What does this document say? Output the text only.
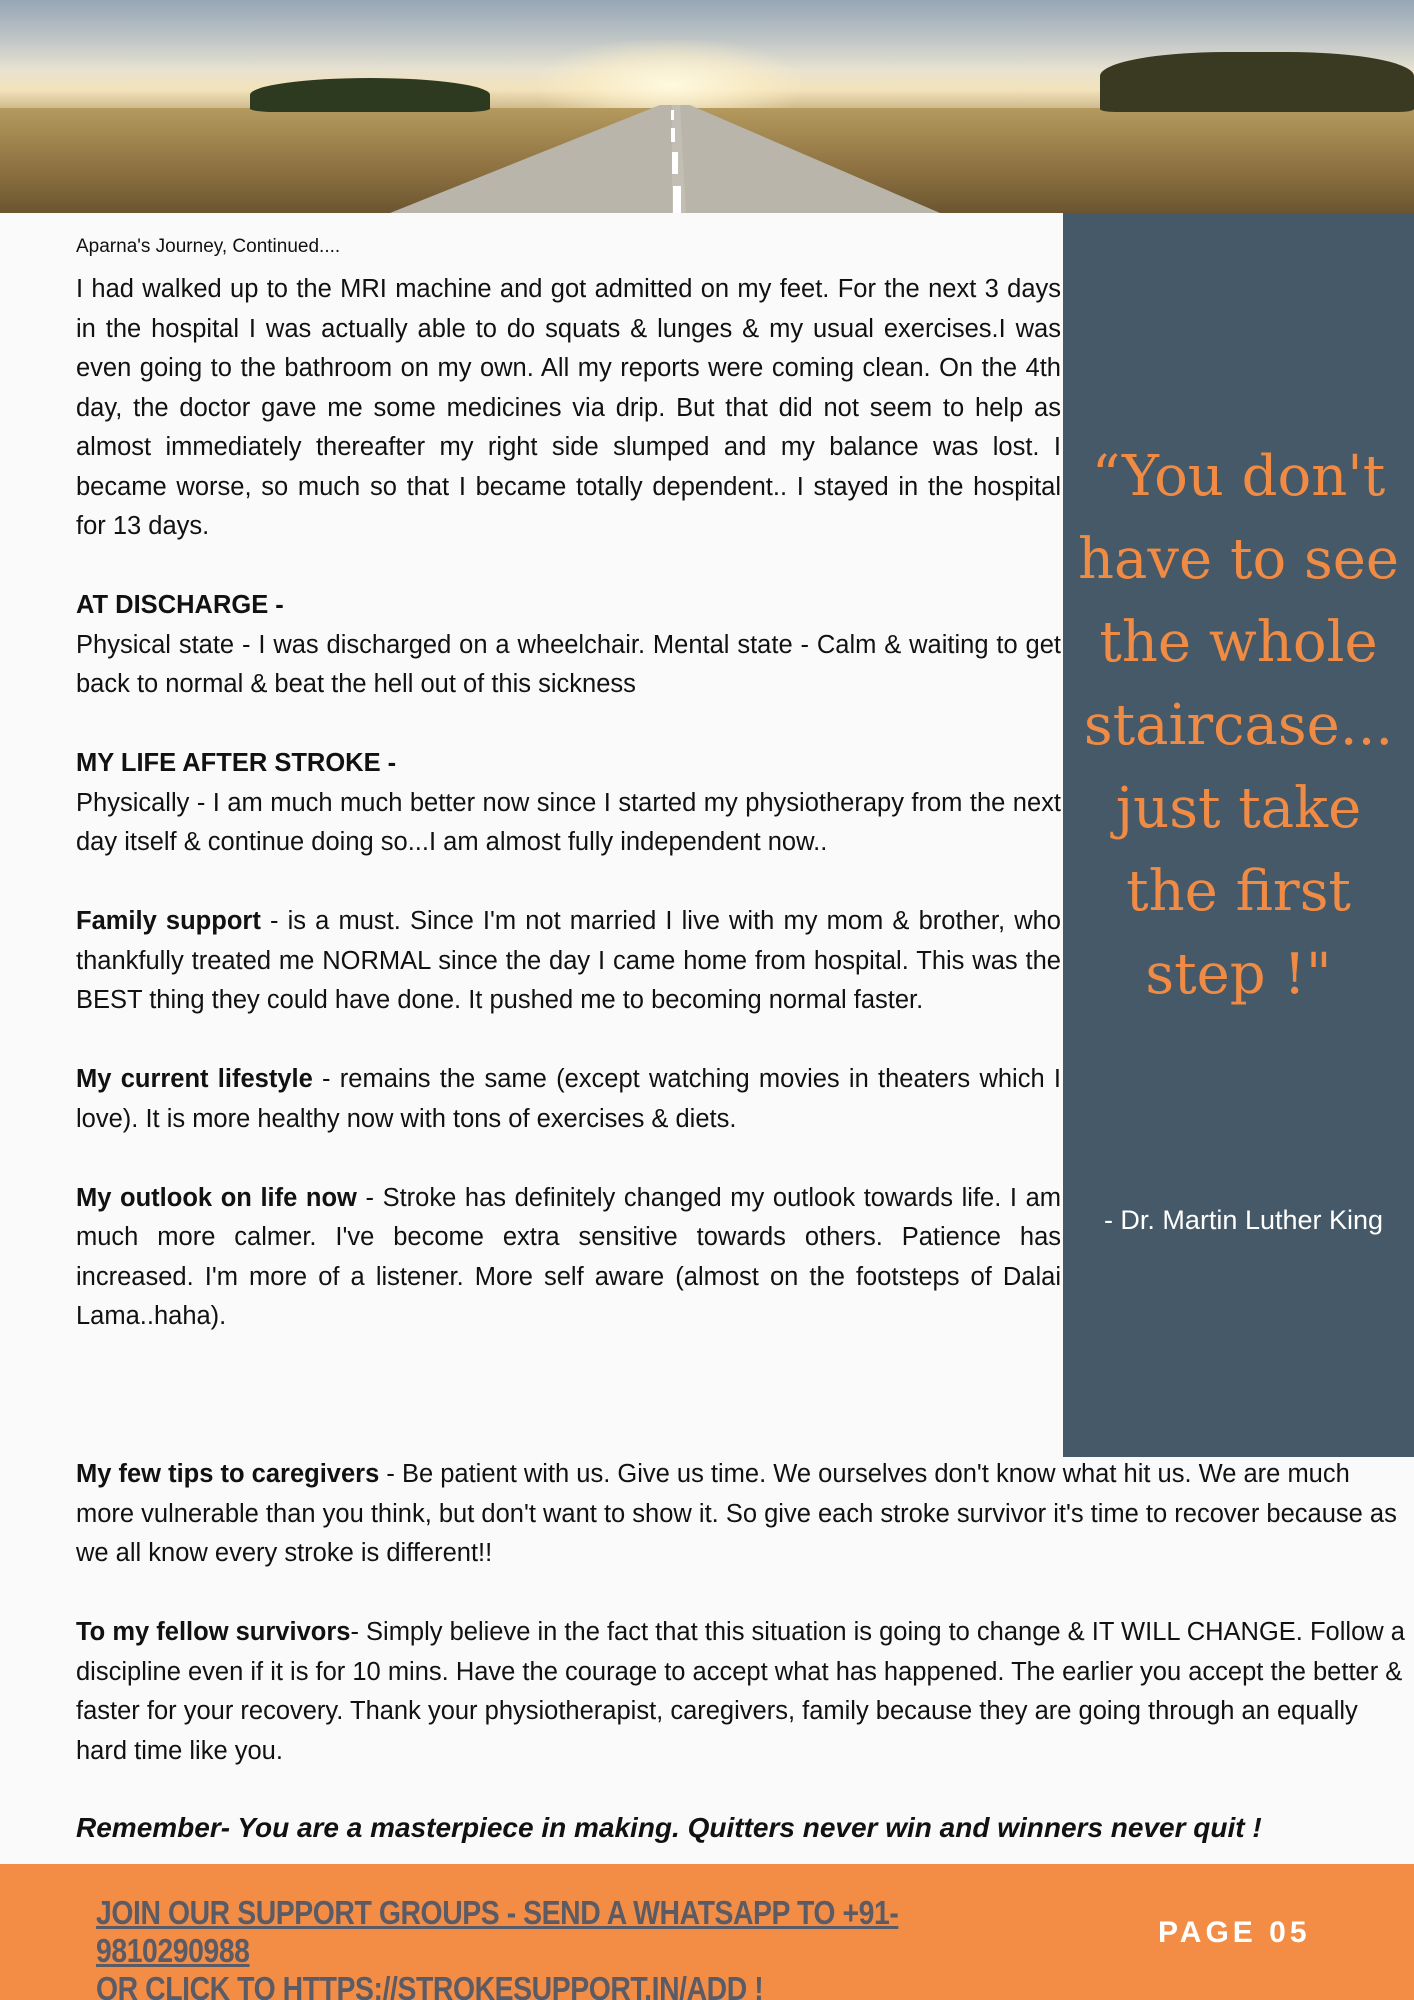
Aparna's Journey, Continued....

I had walked up to the MRI machine and got admitted on my feet. For the next 3 days in the hospital I was actually able to do squats & lunges & my usual exercises.I was even going to the bathroom on my own. All my reports were coming clean. On the 4th day, the doctor gave me some medicines via drip. But that did not seem to help as almost immediately thereafter my right side slumped and my balance was lost. I became worse, so much so that I became totally dependent.. I stayed in the hospital for 13 days.

AT DISCHARGE -
Physical state - I was discharged on a wheelchair. Mental state - Calm & waiting to get back to normal & beat the hell out of this sickness
MY LIFE AFTER STROKE -
Physically - I am much much better now since I started my physiotherapy from the next day itself & continue doing so...I am almost fully independent now..

Family support - is a must. Since I'm not married I live with my mom & brother, who thankfully treated me NORMAL since the day I came home from hospital. This was the BEST thing they could have done. It pushed me to becoming normal faster.

My current lifestyle - remains the same (except watching movies in theaters which I love). It is more healthy now with tons of exercises & diets.

My outlook on life now - Stroke has definitely changed my outlook towards life. I am much more calmer. I've become extra sensitive towards others. Patience has increased. I'm more of a listener. More self aware (almost on the footsteps of Dalai Lama..haha).

My few tips to caregivers - Be patient with us. Give us time. We ourselves don't know what hit us. We are much more vulnerable than you think, but don't want to show it. So give each stroke survivor it's time to recover because as we all know every stroke is different!!

To my fellow survivors- Simply believe in the fact that this situation is going to change & IT WILL CHANGE. Follow a discipline even if it is for 10 mins. Have the courage to accept what has happened. The earlier you accept the better & faster for your recovery. Thank your physiotherapist, caregivers, family because they are going through an equally hard time like you.

Remember- You are a masterpiece in making. Quitters never win and winners never quit !
“You don't have to see the whole staircase... just take the first step !"
- Dr. Martin Luther King
JOIN OUR SUPPORT GROUPS - SEND A WHATSAPP TO +91-9810290988
OR CLICK TO HTTPS://STROKESUPPORT.IN/ADD !
PAGE 05
